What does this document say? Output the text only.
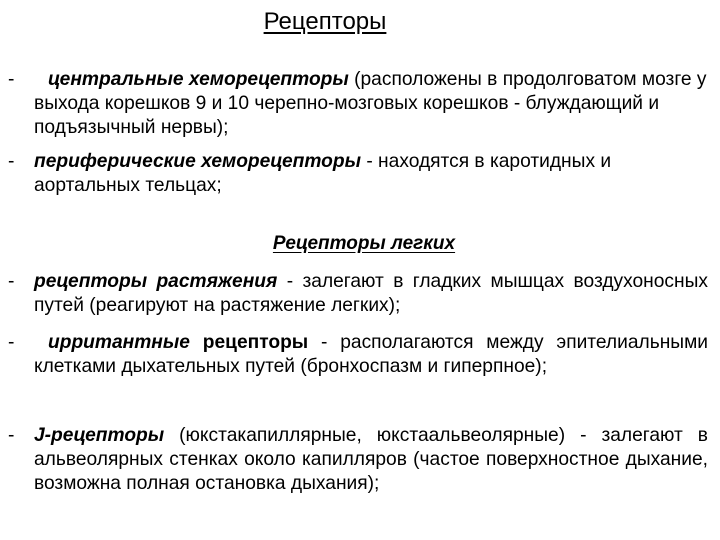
Рецепторы
-	центральные хеморецепторы (расположены в продолговатом мозге у выхода корешков 9 и 10 черепно-мозговых корешков - блуждающий и подъязычный нервы);
-	периферические хеморецепторы - находятся в каротидных и аортальных тельцах;
Рецепторы легких
-	рецепторы растяжения - залегают в гладких мышцах воздухоносных путей (реагируют на растяжение легких);
-	ирритантные рецепторы - располагаются между эпителиальными клетками дыхательных путей (бронхоспазм и гиперпное);
-	J-рецепторы (юкстакапиллярные, юкстаальвеолярные) - залегают в альвеолярных стенках около капилляров (частое поверхностное дыхание, возможна полная остановка дыхания);
